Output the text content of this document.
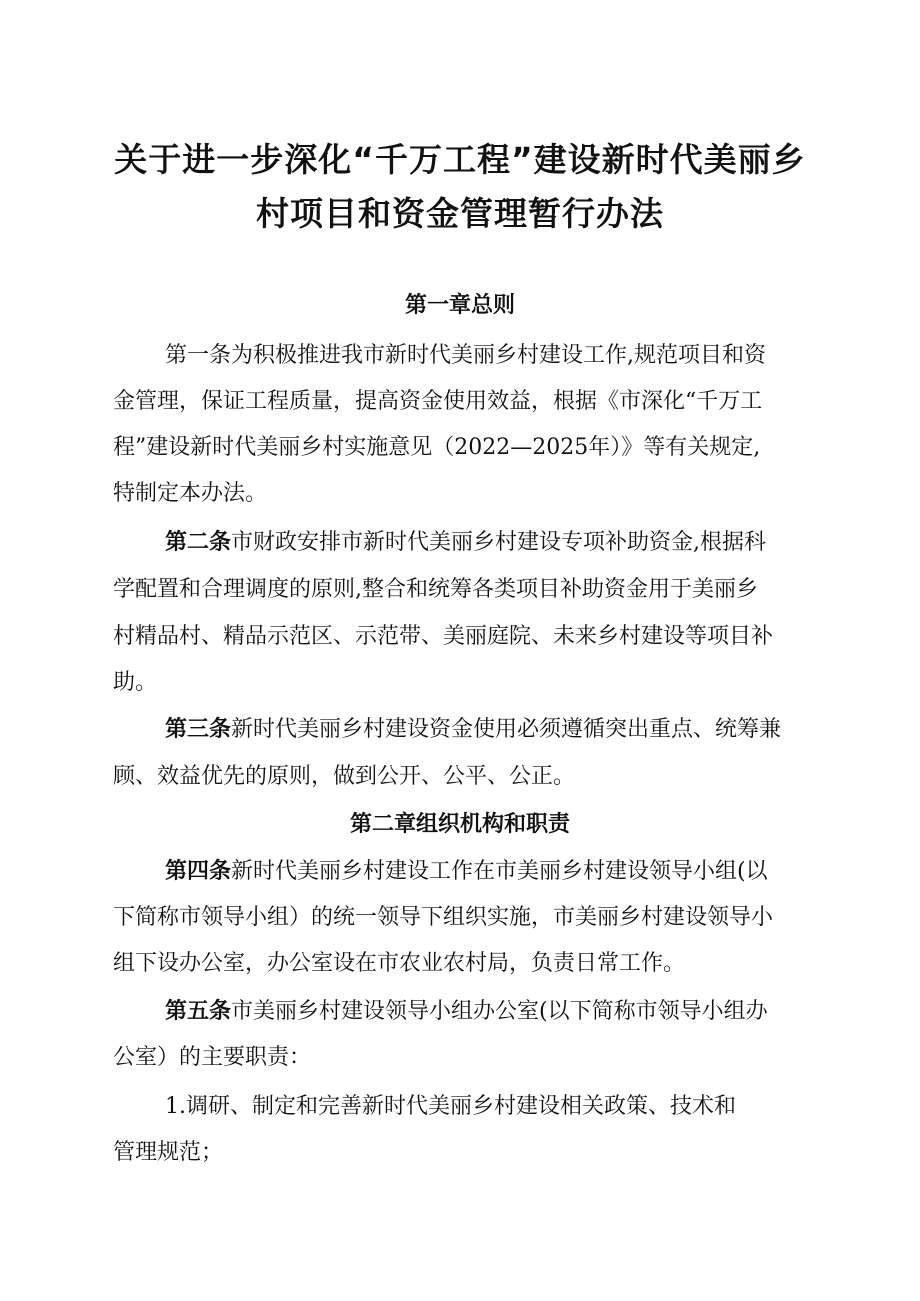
关于进一步深化“千万工程”建设新时代美丽乡
村项目和资金管理暂行办法
第一章总则

第一条为积极推进我市新时代美丽乡村建设工作,规范项目和资

金管理，保证工程质量，提高资金使用效益，根据《市深化“千万工

程”建设新时代美丽乡村实施意见（2022—2025年）》等有关规定,

特制定本办法。

第二条市财政安排市新时代美丽乡村建设专项补助资金,根据科

学配置和合理调度的原则,整合和统筹各类项目补助资金用于美丽乡

村精品村、精品示范区、示范带、美丽庭院、未来乡村建设等项目补

助。

第三条新时代美丽乡村建设资金使用必须遵循突出重点、统筹兼

顾、效益优先的原则，做到公开、公平、公正。

第二章组织机构和职责

第四条新时代美丽乡村建设工作在市美丽乡村建设领导小组(以

下简称市领导小组）的统一领导下组织实施，市美丽乡村建设领导小

组下设办公室，办公室设在市农业农村局，负责日常工作。

第五条市美丽乡村建设领导小组办公室(以下简称市领导小组办

公室）的主要职责：

1.调研、制定和完善新时代美丽乡村建设相关政策、技术和

管理规范；
